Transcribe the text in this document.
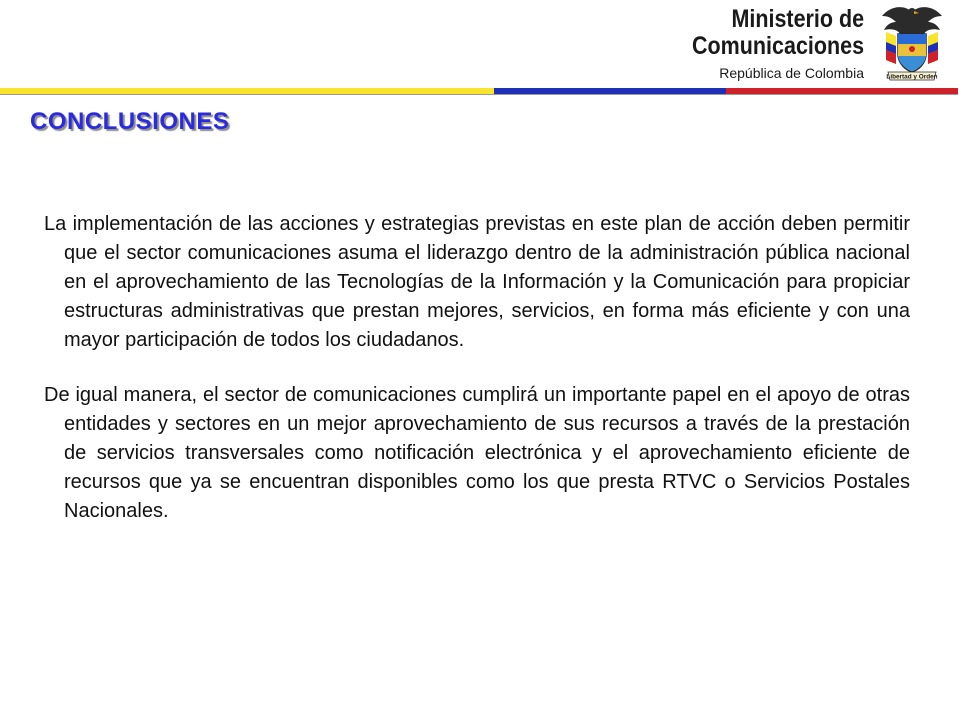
Ministerio de
Comunicaciones
República de Colombia	Libertad y Orden
CONCLUSIONES

La implementación de las acciones y estrategias previstas en este plan de acción deben permitir que el sector comunicaciones asuma el liderazgo dentro de la administración pública nacional en el aprovechamiento de las Tecnologías de la Información y la Comunicación para propiciar estructuras administrativas que prestan mejores, servicios, en forma más eficiente y con una mayor participación de todos los ciudadanos.

De igual manera, el sector de comunicaciones cumplirá un importante papel en el apoyo de otras entidades y sectores en un mejor aprovechamiento de sus recursos a través de la prestación de servicios transversales como notificación electrónica y el aprovechamiento eficiente de recursos que ya se encuentran disponibles como los que presta RTVC o Servicios Postales Nacionales.
